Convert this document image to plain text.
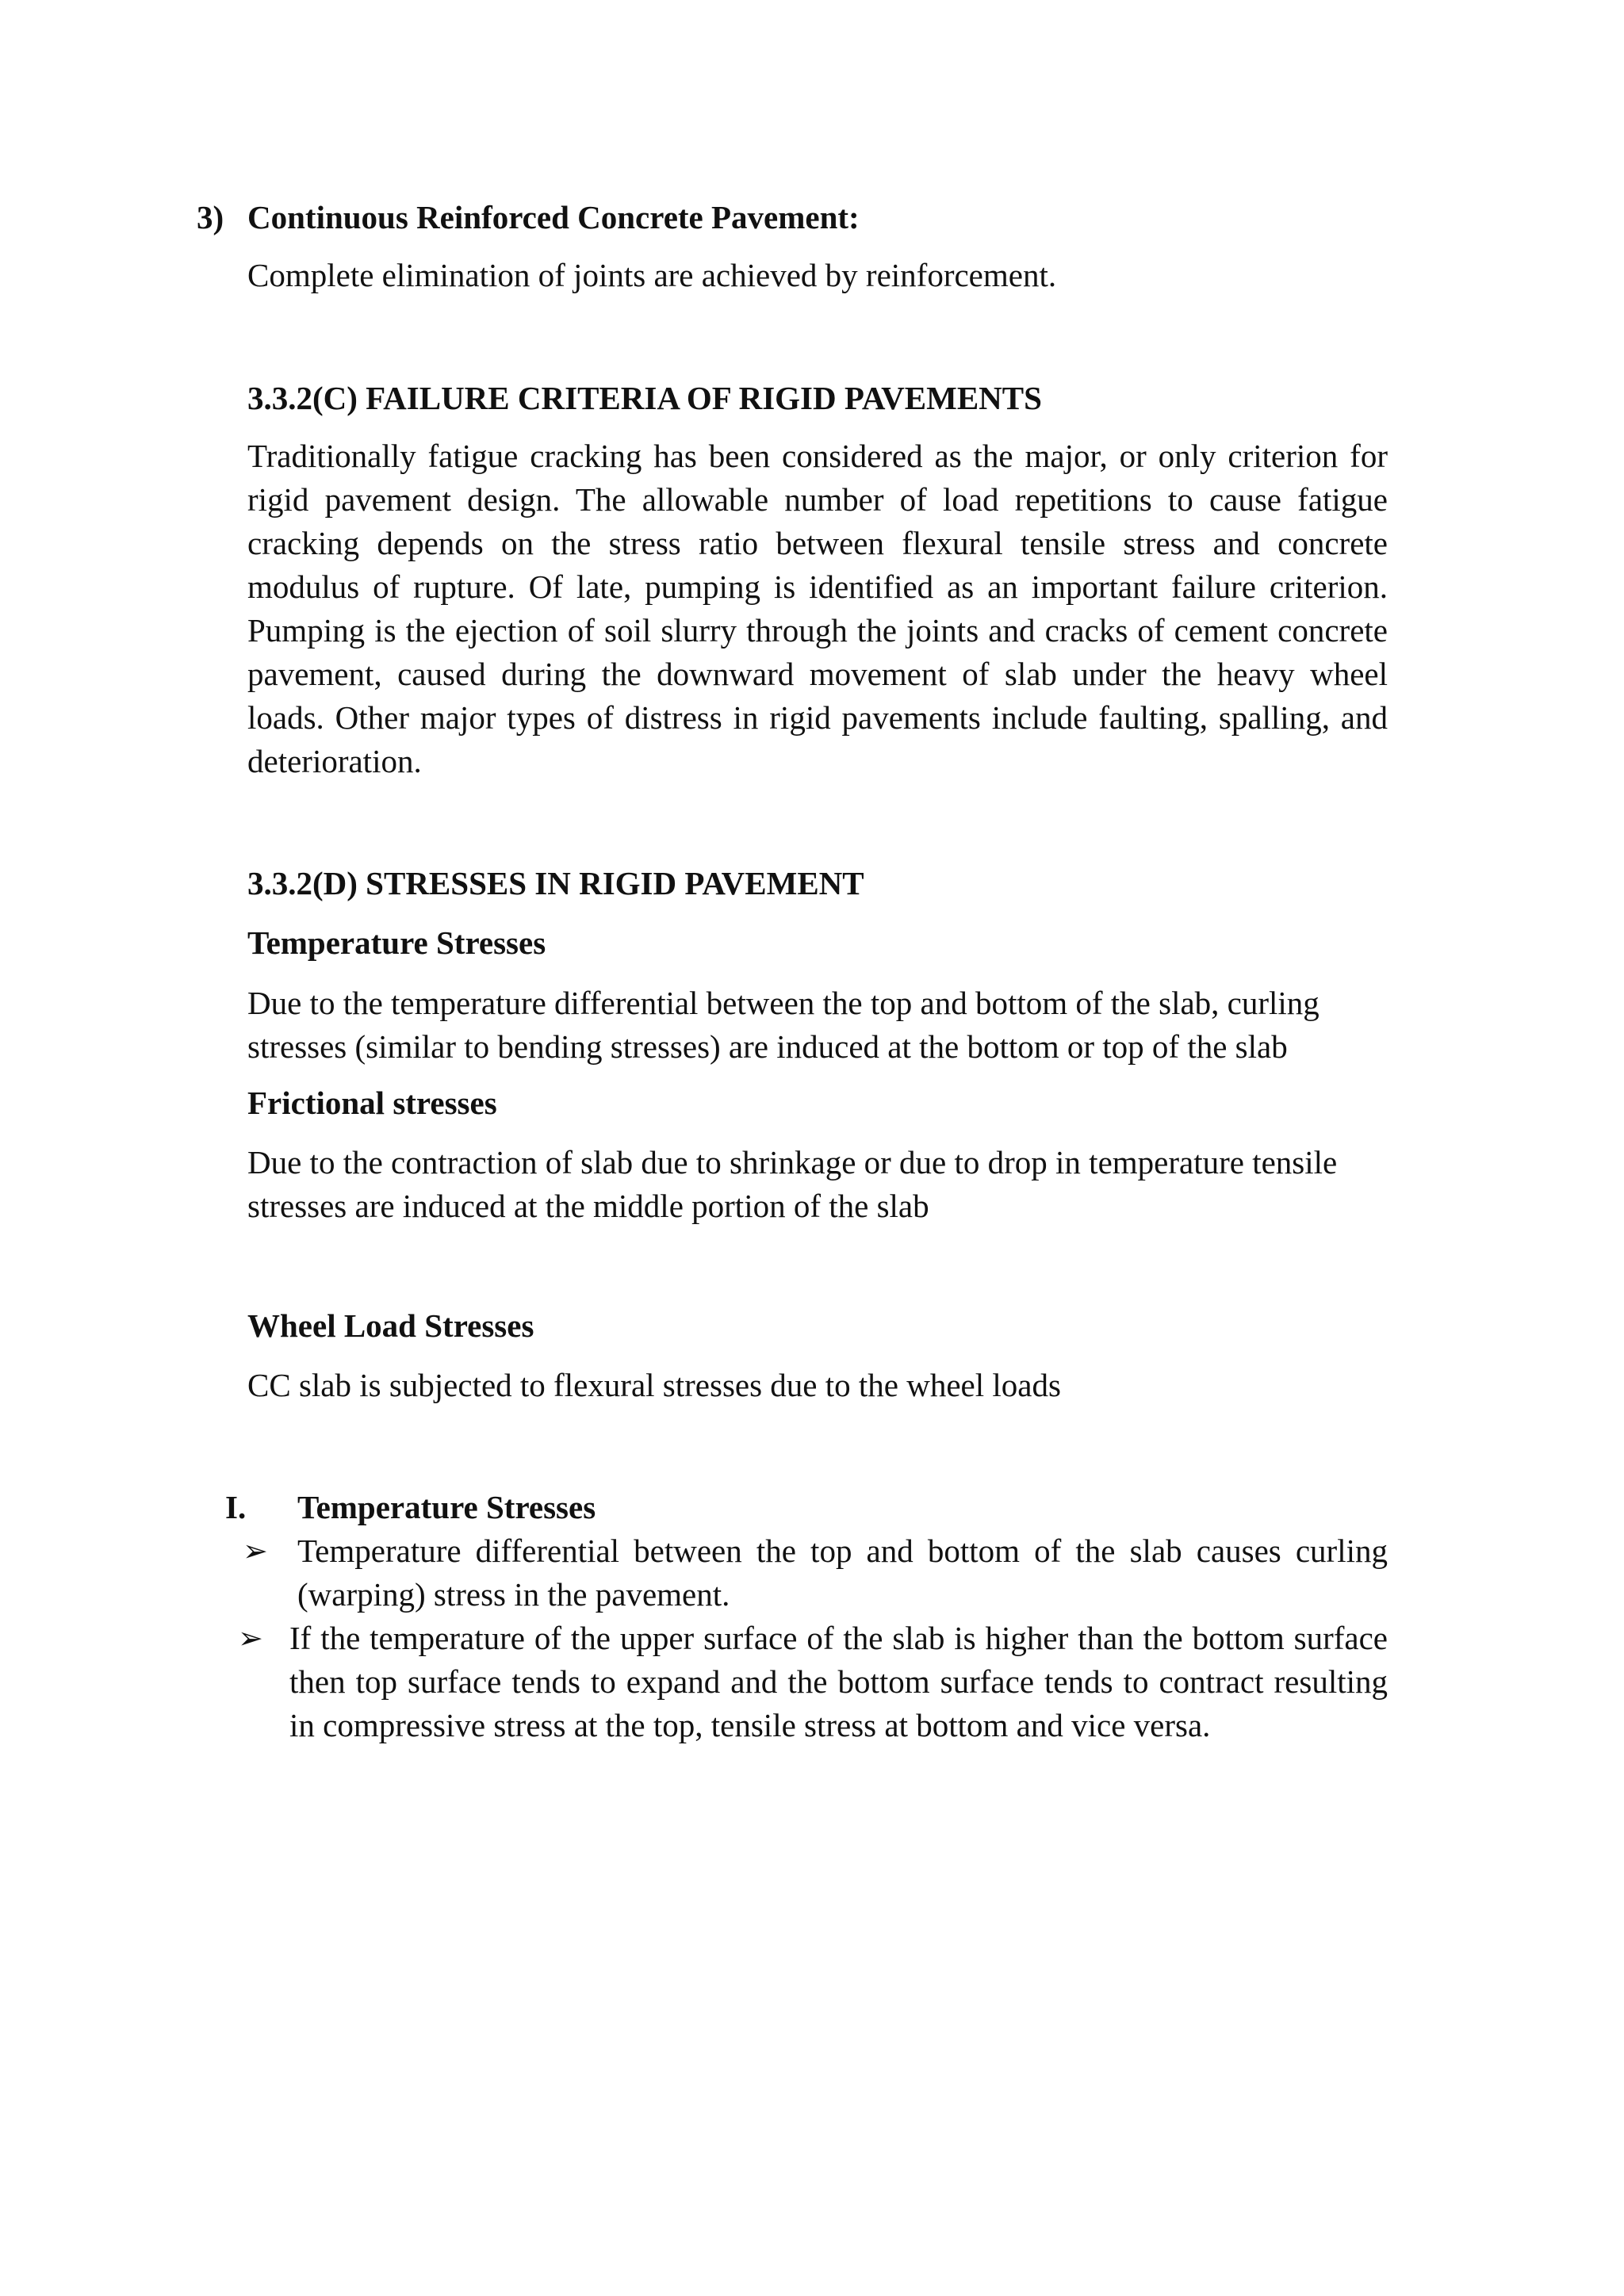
3) Continuous Reinforced Concrete Pavement:

Complete elimination of joints are achieved by reinforcement.

3.3.2(C) FAILURE CRITERIA OF RIGID PAVEMENTS

Traditionally fatigue cracking has been considered as the major, or only criterion for rigid pavement design. The allowable number of load repetitions to cause fatigue cracking depends on the stress ratio between flexural tensile stress and concrete modulus of rupture. Of late, pumping is identified as an important failure criterion. Pumping is the ejection of soil slurry through the joints and cracks of cement concrete pavement, caused during the downward movement of slab under the heavy wheel loads. Other major types of distress in rigid pavements include faulting, spalling, and deterioration.

3.3.2(D) STRESSES IN RIGID PAVEMENT

Temperature Stresses

Due to the temperature differential between the top and bottom of the slab, curling stresses (similar to bending stresses) are induced at the bottom or top of the slab

Frictional stresses

Due to the contraction of slab due to shrinkage or due to drop in temperature tensile stresses are induced at the middle portion of the slab

Wheel Load Stresses

CC slab is subjected to flexural stresses due to the wheel loads

I. Temperature Stresses

➢ Temperature differential between the top and bottom of the slab causes curling (warping) stress in the pavement.

➢ If the temperature of the upper surface of the slab is higher than the bottom surface then top surface tends to expand and the bottom surface tends to contract resulting in compressive stress at the top, tensile stress at bottom and vice versa.
